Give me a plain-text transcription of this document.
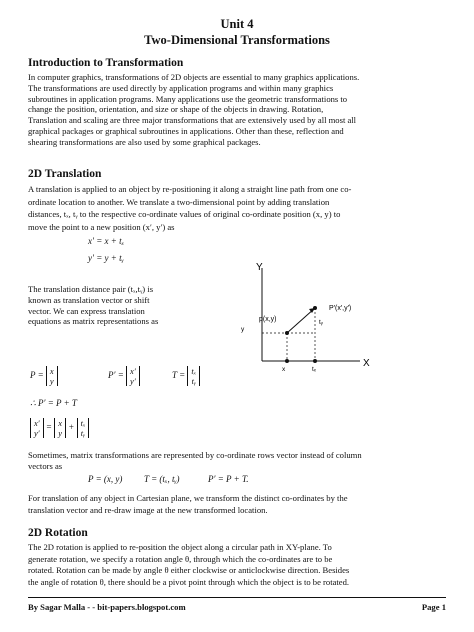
Unit 4
Two-Dimensional Transformations
Introduction to Transformation
In computer graphics, transformations of 2D objects are essential to many graphics applications.
The transformations are used directly by application programs and within many graphics
subroutines in application programs. Many applications use the geometric transformations to
change the position, orientation, and size or shape of the objects in drawing. Rotation,
Translation and scaling are three major transformations that are extensively used by all most all
graphical packages or graphical subroutines in applications. Other than these, reflection and
shearing transformations are also used by some graphical packages.
2D Translation
A translation is applied to an object by re-positioning it along a straight line path from one co-
ordinate location to another. We translate a two-dimensional point by adding translation
distances, tₓ, tᵧ to the respective co-ordinate values of original co-ordinate position (x, y) to
move the point to a new position (x′, y′) as
x′ = x + tₓ
y′ = y + tᵧ
The translation distance pair (tₓ,tᵧ) is
known as translation vector or shift
vector. We can express translation
equations as matrix representations as
P = x
y
P′ = x′
y′
T = tₓ
tᵧ
∴ P′ = P + T
x′
y′ = x
y + tₓ
tᵧ
Y
X
p(x,y)
P′(x′,y′)
tᵧ
x	tₓ
y
Sometimes, matrix transformations are represented by co-ordinate rows vector instead of column
vectors as
P = (x, y) T = (tₓ, tᵧ)	P′ = P + T.
For translation of any object in Cartesian plane, we transform the distinct co-ordinates by the
translation vector and re-draw image at the new transformed location.
2D Rotation
The 2D rotation is applied to re-position the object along a circular path in XY-plane. To
generate rotation, we specify a rotation angle θ, through which the co-ordinates are to be
rotated. Rotation can be made by angle θ either clockwise or anticlockwise direction. Besides
the angle of rotation θ, there should be a pivot point through which the object is to be rotated.
By Sagar Malla - - bit-papers.blogspot.com	Page 1
